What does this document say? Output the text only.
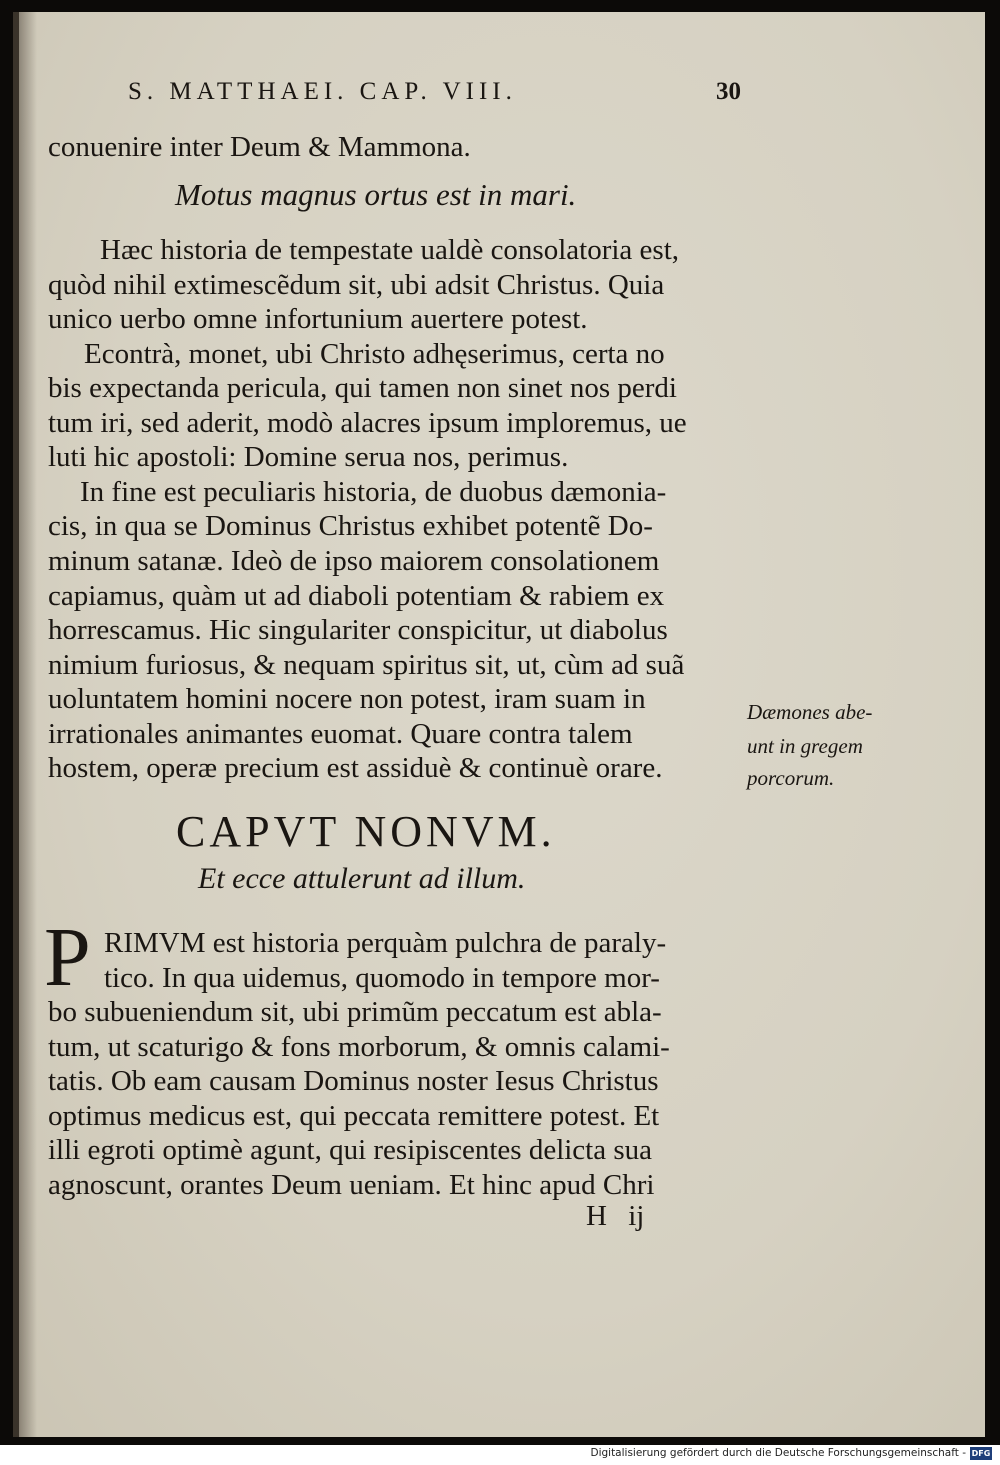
S. MATTHAEI. CAP. VIII.	30
conuenire inter Deum & Mammona.
Motus magnus ortus est in mari.
Hæc historia de tempestate ualdè consolatoria est,
quòd nihil extimescẽdum sit, ubi adsit Christus. Quia
unico uerbo omne infortunium auertere potest.
Econtrà, monet, ubi Christo adhęserimus, certa no
bis expectanda pericula, qui tamen non sinet nos perdi
tum iri, sed aderit, modò alacres ipsum imploremus, ue
luti hic apostoli: Domine serua nos, perimus.
In fine est peculiaris historia, de duobus dæmonia-
cis, in qua se Dominus Christus exhibet potentẽ Do-
minum satanæ. Ideò de ipso maiorem consolationem
capiamus, quàm ut ad diaboli potentiam & rabiem ex
horrescamus. Hic singulariter conspicitur, ut diabolus
nimium furiosus, & nequam spiritus sit, ut, cùm ad suã
uoluntatem homini nocere non potest, iram suam in
irrationales animantes euomat. Quare contra talem
hostem, operæ precium est assiduè & continuè orare.
Dæmones abe-
unt in gregem
porcorum.
CAPVT NONVM.
Et ecce attulerunt ad illum.
P RIMVM est historia perquàm pulchra de paraly-
tico. In qua uidemus, quomodo in tempore mor-
bo subueniendum sit, ubi primũm peccatum est abla-
tum, ut scaturigo & fons morborum, & omnis calami-
tatis. Ob eam causam Dominus noster Iesus Christus
optimus medicus est, qui peccata remittere potest. Et
illi egroti optimè agunt, qui resipiscentes delicta sua
agnoscunt, orantes Deum ueniam. Et hinc apud Chri
H ij
Digitalisierung gefördert durch die Deutsche Forschungsgemeinschaft - DFG
